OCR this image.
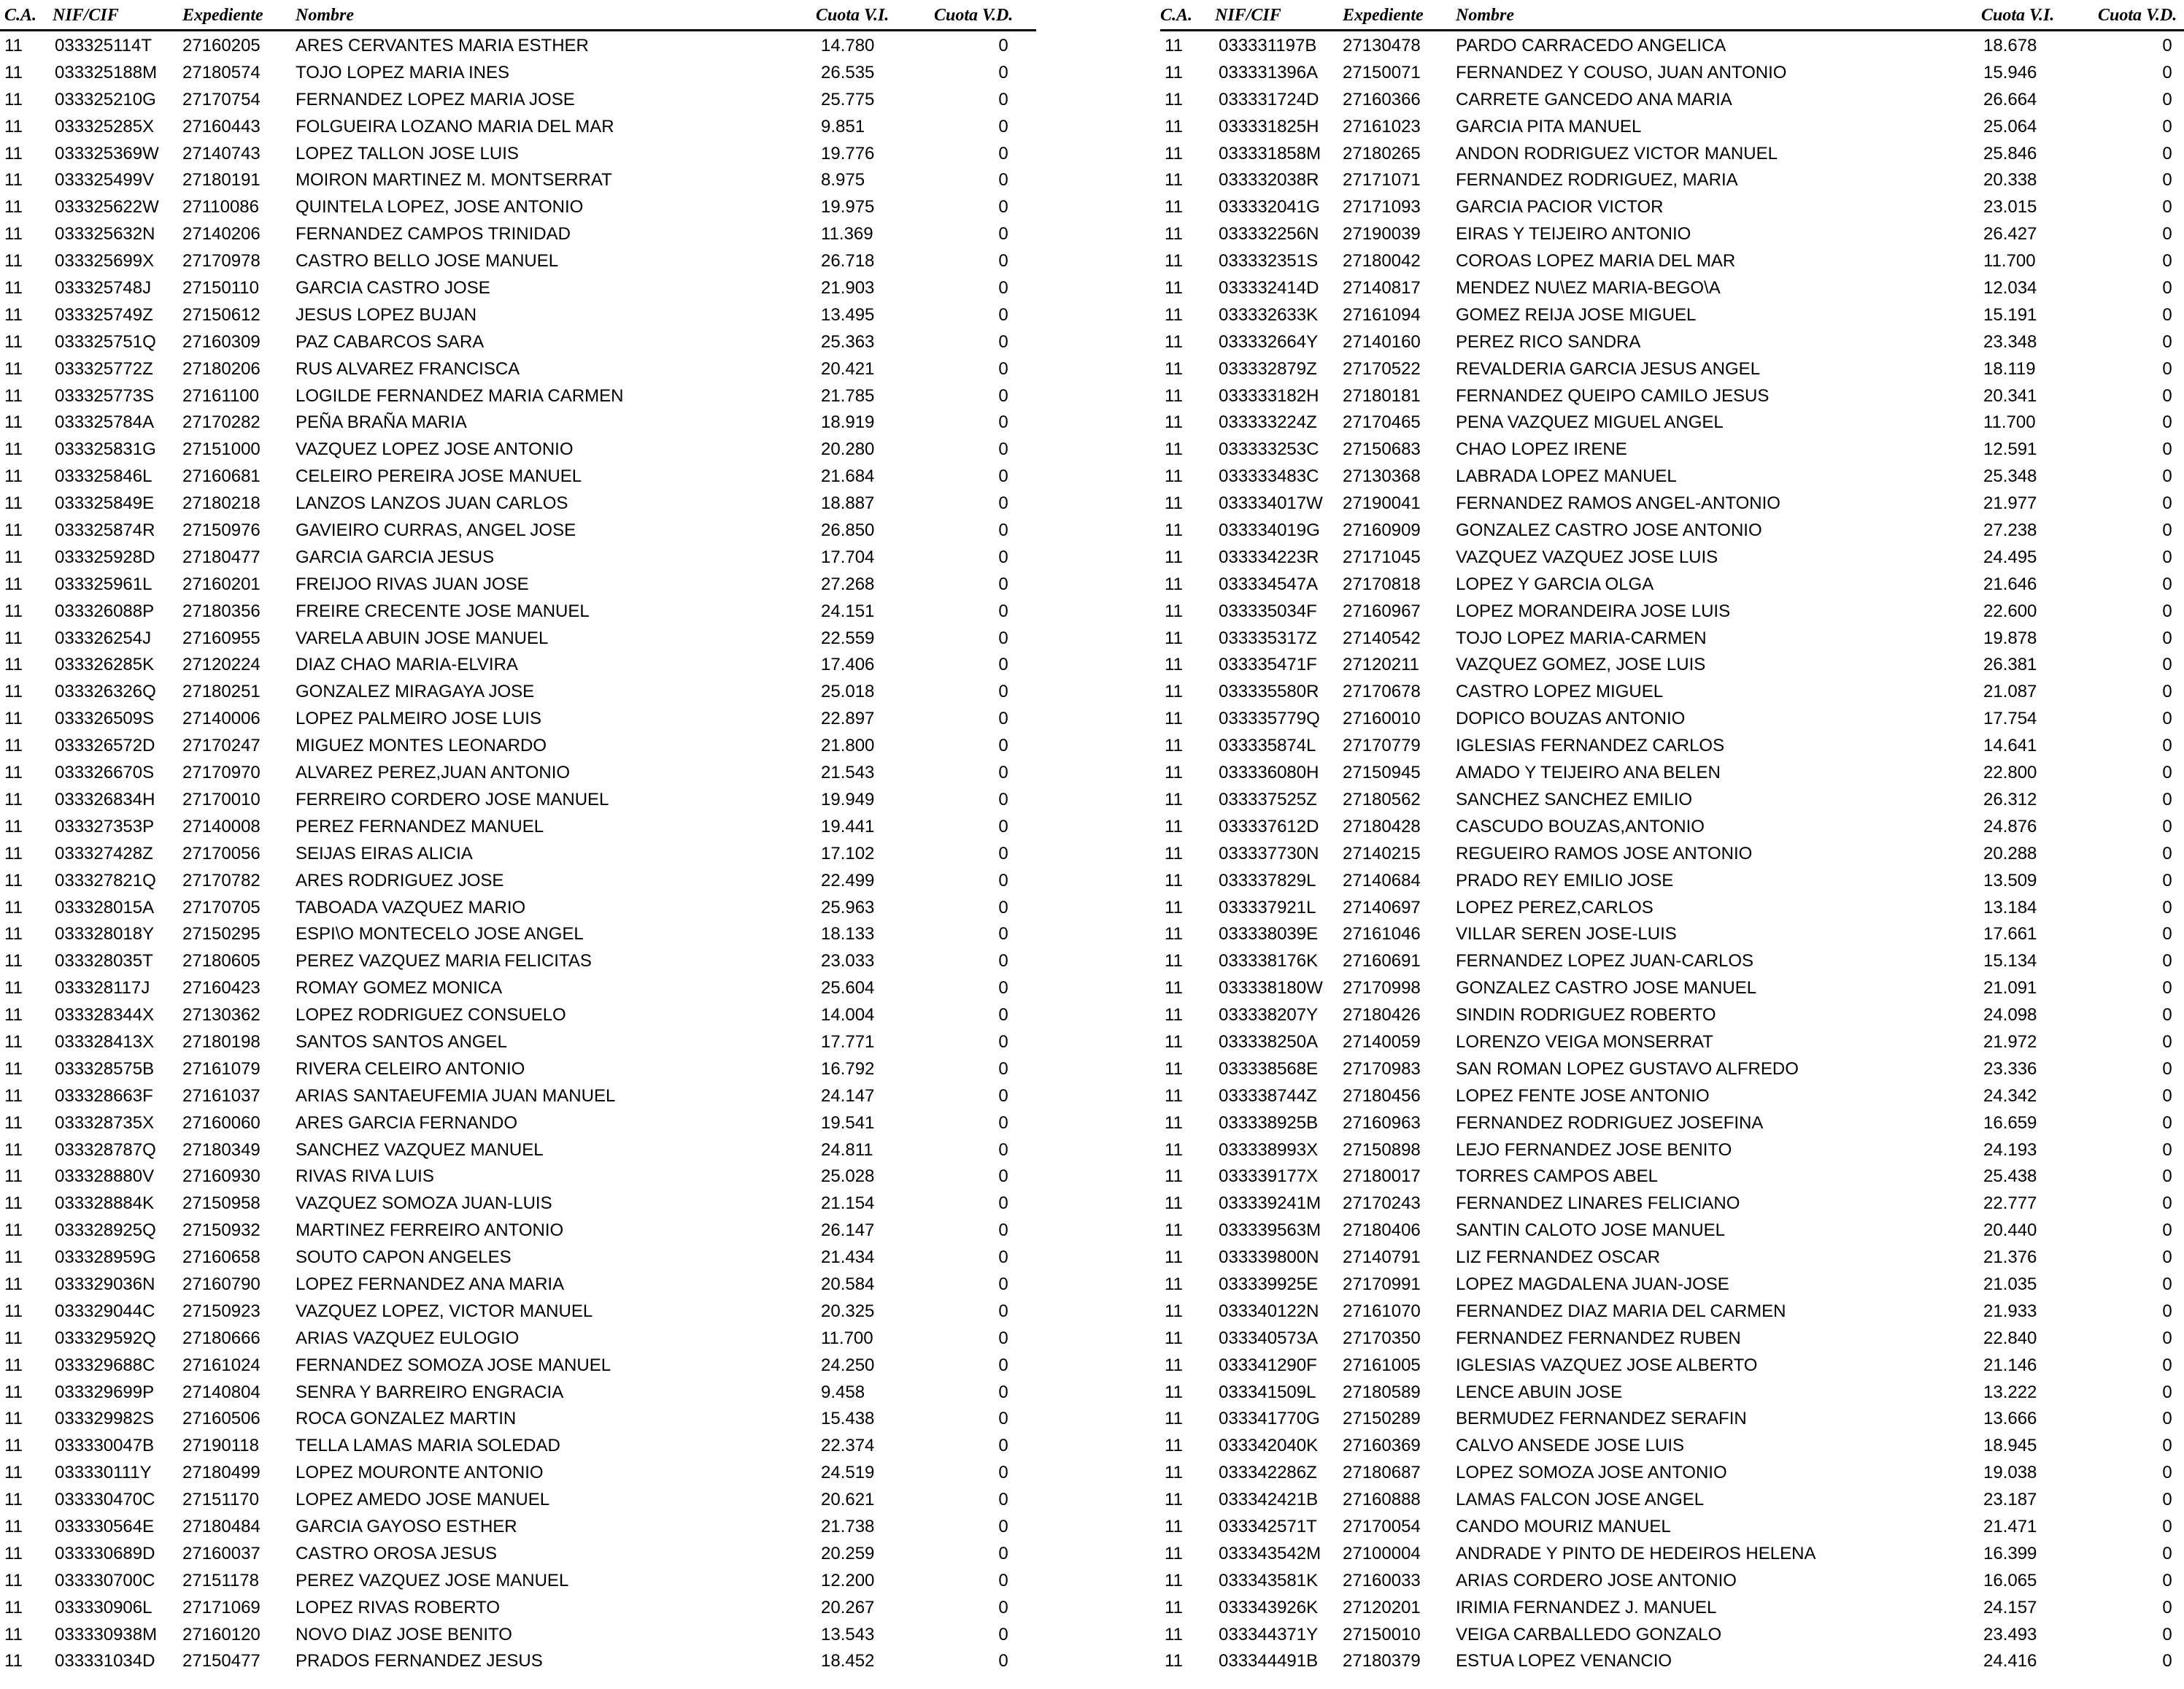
C.A. NIF/CIF	Expediente Nombre	Cuota V.I.	Cuota V.D.
11 033325114T 27160205 ARES CERVANTES MARIA ESTHER	14.780	0
11 033325188M 27180574 TOJO LOPEZ MARIA INES	26.535	0
11 033325210G 27170754 FERNANDEZ LOPEZ MARIA JOSE	25.775	0
11 033325285X 27160443 FOLGUEIRA LOZANO MARIA DEL MAR	9.851	0
11 033325369W 27140743 LOPEZ TALLON JOSE LUIS	19.776	0
11 033325499V 27180191 MOIRON MARTINEZ M. MONTSERRAT	8.975	0
11 033325622W 27110086 QUINTELA LOPEZ, JOSE ANTONIO	19.975	0
11 033325632N 27140206 FERNANDEZ CAMPOS TRINIDAD	11.369	0
11 033325699X 27170978 CASTRO BELLO JOSE MANUEL	26.718	0
11 033325748J 27150110 GARCIA CASTRO JOSE	21.903	0
11 033325749Z 27150612 JESUS LOPEZ BUJAN	13.495	0
11 033325751Q 27160309 PAZ CABARCOS SARA	25.363	0
11 033325772Z 27180206 RUS ALVAREZ FRANCISCA	20.421	0
11 033325773S 27161100 LOGILDE FERNANDEZ MARIA CARMEN	21.785	0
11 033325784A 27170282 PEÑA BRAÑA MARIA	18.919	0
11 033325831G 27151000 VAZQUEZ LOPEZ JOSE ANTONIO	20.280	0
11 033325846L 27160681 CELEIRO PEREIRA JOSE MANUEL	21.684	0
11 033325849E 27180218 LANZOS LANZOS JUAN CARLOS	18.887	0
11 033325874R 27150976 GAVIEIRO CURRAS, ANGEL JOSE	26.850	0
11 033325928D 27180477 GARCIA GARCIA JESUS	17.704	0
11 033325961L 27160201 FREIJOO RIVAS JUAN JOSE	27.268	0
11 033326088P 27180356 FREIRE CRECENTE JOSE MANUEL	24.151	0
11 033326254J 27160955 VARELA ABUIN JOSE MANUEL	22.559	0
11 033326285K 27120224 DIAZ CHAO MARIA-ELVIRA	17.406	0
11 033326326Q 27180251 GONZALEZ MIRAGAYA JOSE	25.018	0
11 033326509S 27140006 LOPEZ PALMEIRO JOSE LUIS	22.897	0
11 033326572D 27170247 MIGUEZ MONTES LEONARDO	21.800	0
11 033326670S 27170970 ALVAREZ PEREZ,JUAN ANTONIO	21.543	0
11 033326834H 27170010 FERREIRO CORDERO JOSE MANUEL	19.949	0
11 033327353P 27140008 PEREZ FERNANDEZ MANUEL	19.441	0
11 033327428Z 27170056 SEIJAS EIRAS ALICIA	17.102	0
11 033327821Q 27170782 ARES RODRIGUEZ JOSE	22.499	0
11 033328015A 27170705 TABOADA VAZQUEZ MARIO	25.963	0
11 033328018Y 27150295 ESPI\O MONTECELO JOSE ANGEL	18.133	0
11 033328035T 27180605 PEREZ VAZQUEZ MARIA FELICITAS	23.033	0
11 033328117J 27160423 ROMAY GOMEZ MONICA	25.604	0
11 033328344X 27130362 LOPEZ RODRIGUEZ CONSUELO	14.004	0
11 033328413X 27180198 SANTOS SANTOS ANGEL	17.771	0
11 033328575B 27161079 RIVERA CELEIRO ANTONIO	16.792	0
11 033328663F 27161037 ARIAS SANTAEUFEMIA JUAN MANUEL	24.147	0
11 033328735X 27160060 ARES GARCIA FERNANDO	19.541	0
11 033328787Q 27180349 SANCHEZ VAZQUEZ MANUEL	24.811	0
11 033328880V 27160930 RIVAS RIVA LUIS	25.028	0
11 033328884K 27150958 VAZQUEZ SOMOZA JUAN-LUIS	21.154	0
11 033328925Q 27150932 MARTINEZ FERREIRO ANTONIO	26.147	0
11 033328959G 27160658 SOUTO CAPON ANGELES	21.434	0
11 033329036N 27160790 LOPEZ FERNANDEZ ANA MARIA	20.584	0
11 033329044C 27150923 VAZQUEZ LOPEZ, VICTOR MANUEL	20.325	0
11 033329592Q 27180666 ARIAS VAZQUEZ EULOGIO	11.700	0
11 033329688C 27161024 FERNANDEZ SOMOZA JOSE MANUEL	24.250	0
11 033329699P 27140804 SENRA Y BARREIRO ENGRACIA	9.458	0
11 033329982S 27160506 ROCA GONZALEZ MARTIN	15.438	0
11 033330047B 27190118 TELLA LAMAS MARIA SOLEDAD	22.374	0
11 033330111Y 27180499 LOPEZ MOURONTE ANTONIO	24.519	0
11 033330470C 27151170 LOPEZ AMEDO JOSE MANUEL	20.621	0
11 033330564E 27180484 GARCIA GAYOSO ESTHER	21.738	0
11 033330689D 27160037 CASTRO OROSA JESUS	20.259	0
11 033330700C 27151178 PEREZ VAZQUEZ JOSE MANUEL	12.200	0
11 033330906L 27171069 LOPEZ RIVAS ROBERTO	20.267	0
11 033330938M 27160120 NOVO DIAZ JOSE BENITO	13.543	0
11 033331034D 27150477 PRADOS FERNANDEZ JESUS	18.452	0
C.A. NIF/CIF	Expediente Nombre	Cuota V.I. Cuota V.D.
11 033331197B 27130478 PARDO CARRACEDO ANGELICA	18.678	0
11 033331396A 27150071 FERNANDEZ Y COUSO, JUAN ANTONIO	15.946	0
11 033331724D 27160366 CARRETE GANCEDO ANA MARIA	26.664	0
11 033331825H 27161023 GARCIA PITA MANUEL	25.064	0
11 033331858M 27180265 ANDON RODRIGUEZ VICTOR MANUEL	25.846	0
11 033332038R 27171071 FERNANDEZ RODRIGUEZ, MARIA	20.338	0
11 033332041G 27171093 GARCIA PACIOR VICTOR	23.015	0
11 033332256N 27190039 EIRAS Y TEIJEIRO ANTONIO	26.427	0
11 033332351S 27180042 COROAS LOPEZ MARIA DEL MAR	11.700	0
11 033332414D 27140817 MENDEZ NU\EZ MARIA-BEGO\A	12.034	0
11 033332633K 27161094 GOMEZ REIJA JOSE MIGUEL	15.191	0
11 033332664Y 27140160 PEREZ RICO SANDRA	23.348	0
11 033332879Z 27170522 REVALDERIA GARCIA JESUS ANGEL	18.119	0
11 033333182H 27180181 FERNANDEZ QUEIPO CAMILO JESUS	20.341	0
11 033333224Z 27170465 PENA VAZQUEZ MIGUEL ANGEL	11.700	0
11 033333253C 27150683 CHAO LOPEZ IRENE	12.591	0
11 033333483C 27130368 LABRADA LOPEZ MANUEL	25.348	0
11 033334017W 27190041 FERNANDEZ RAMOS ANGEL-ANTONIO	21.977	0
11 033334019G 27160909 GONZALEZ CASTRO JOSE ANTONIO	27.238	0
11 033334223R 27171045 VAZQUEZ VAZQUEZ JOSE LUIS	24.495	0
11 033334547A 27170818 LOPEZ Y GARCIA OLGA	21.646	0
11 033335034F 27160967 LOPEZ MORANDEIRA JOSE LUIS	22.600	0
11 033335317Z 27140542 TOJO LOPEZ MARIA-CARMEN	19.878	0
11 033335471F 27120211 VAZQUEZ GOMEZ, JOSE LUIS	26.381	0
11 033335580R 27170678 CASTRO LOPEZ MIGUEL	21.087	0
11 033335779Q 27160010 DOPICO BOUZAS ANTONIO	17.754	0
11 033335874L 27170779 IGLESIAS FERNANDEZ CARLOS	14.641	0
11 033336080H 27150945 AMADO Y TEIJEIRO ANA BELEN	22.800	0
11 033337525Z 27180562 SANCHEZ SANCHEZ EMILIO	26.312	0
11 033337612D 27180428 CASCUDO BOUZAS,ANTONIO	24.876	0
11 033337730N 27140215 REGUEIRO RAMOS JOSE ANTONIO	20.288	0
11 033337829L 27140684 PRADO REY EMILIO JOSE	13.509	0
11 033337921L 27140697 LOPEZ PEREZ,CARLOS	13.184	0
11 033338039E 27161046 VILLAR SEREN JOSE-LUIS	17.661	0
11 033338176K 27160691 FERNANDEZ LOPEZ JUAN-CARLOS	15.134	0
11 033338180W 27170998 GONZALEZ CASTRO JOSE MANUEL	21.091	0
11 033338207Y 27180426 SINDIN RODRIGUEZ ROBERTO	24.098	0
11 033338250A 27140059 LORENZO VEIGA MONSERRAT	21.972	0
11 033338568E 27170983 SAN ROMAN LOPEZ GUSTAVO ALFREDO	23.336	0
11 033338744Z 27180456 LOPEZ FENTE JOSE ANTONIO	24.342	0
11 033338925B 27160963 FERNANDEZ RODRIGUEZ JOSEFINA	16.659	0
11 033338993X 27150898 LEJO FERNANDEZ JOSE BENITO	24.193	0
11 033339177X 27180017 TORRES CAMPOS ABEL	25.438	0
11 033339241M 27170243 FERNANDEZ LINARES FELICIANO	22.777	0
11 033339563M 27180406 SANTIN CALOTO JOSE MANUEL	20.440	0
11 033339800N 27140791 LIZ FERNANDEZ OSCAR	21.376	0
11 033339925E 27170991 LOPEZ MAGDALENA JUAN-JOSE	21.035	0
11 033340122N 27161070 FERNANDEZ DIAZ MARIA DEL CARMEN	21.933	0
11 033340573A 27170350 FERNANDEZ FERNANDEZ RUBEN	22.840	0
11 033341290F 27161005 IGLESIAS VAZQUEZ JOSE ALBERTO	21.146	0
11 033341509L 27180589 LENCE ABUIN JOSE	13.222	0
11 033341770G 27150289 BERMUDEZ FERNANDEZ SERAFIN	13.666	0
11 033342040K 27160369 CALVO ANSEDE JOSE LUIS	18.945	0
11 033342286Z 27180687 LOPEZ SOMOZA JOSE ANTONIO	19.038	0
11 033342421B 27160888 LAMAS FALCON JOSE ANGEL	23.187	0
11 033342571T 27170054 CANDO MOURIZ MANUEL	21.471	0
11 033343542M 27100004 ANDRADE Y PINTO DE HEDEIROS HELENA	16.399	0
11 033343581K 27160033 ARIAS CORDERO JOSE ANTONIO	16.065	0
11 033343926K 27120201 IRIMIA FERNANDEZ J. MANUEL	24.157	0
11 033344371Y 27150010 VEIGA CARBALLEDO GONZALO	23.493	0
11 033344491B 27180379 ESTUA LOPEZ VENANCIO	24.416	0
